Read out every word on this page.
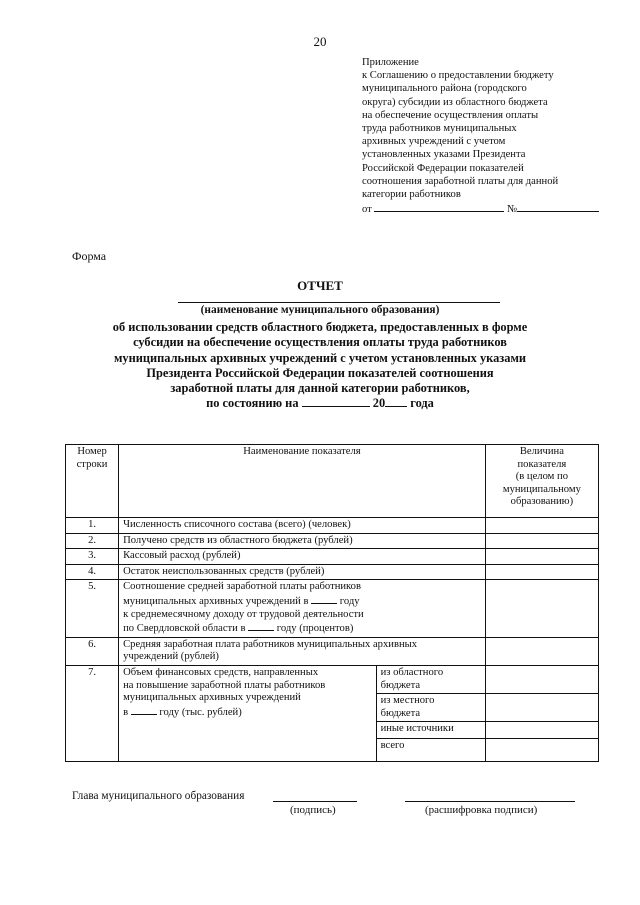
20
Приложение
к Соглашению о предоставлении бюджету
муниципального района (городского
округа) субсидии из областного бюджета
на обеспечение осуществления оплаты
труда работников муниципальных
архивных учреждений с учетом
установленных указами Президента
Российской Федерации показателей
соотношения заработной платы для данной
категории работников
от	№
Форма
ОТЧЕТ
(наименование муниципального образования)
об использовании средств областного бюджета, предоставленных в форме
субсидии на обеспечение осуществления оплаты труда работников
муниципальных архивных учреждений с учетом установленных указами
Президента Российской Федерации показателей соотношения
заработной платы для данной категории работников,
по состоянию на	20 года
Номер
строки	Наименование показателя		Величина
показателя
(в целом по
муниципальному
образованию)

1.	Численность списочного состава (всего) (человек)		
2.	Получено средств из областного бюджета (рублей)		
3.	Кассовый расход (рублей)		
4.	Остаток неиспользованных средств (рублей)		
5.	Соотношение средней заработной платы работников
муниципальных архивных учреждений в году
к среднемесячному доходу от трудовой деятельности
по Свердловской области в году (процентов)		

6.	Средняя заработная плата работников муниципальных архивных
учреждений (рублей)		

7.	Объем финансовых средств, направленных
на повышение заработной платы работников
муниципальных архивных учреждений
в году (тыс. рублей)	из областного
бюджета	

		из местного
бюджета	

		иные источники	
		всего	
Глава муниципального образования
(подпись)	(расшифровка подписи)
